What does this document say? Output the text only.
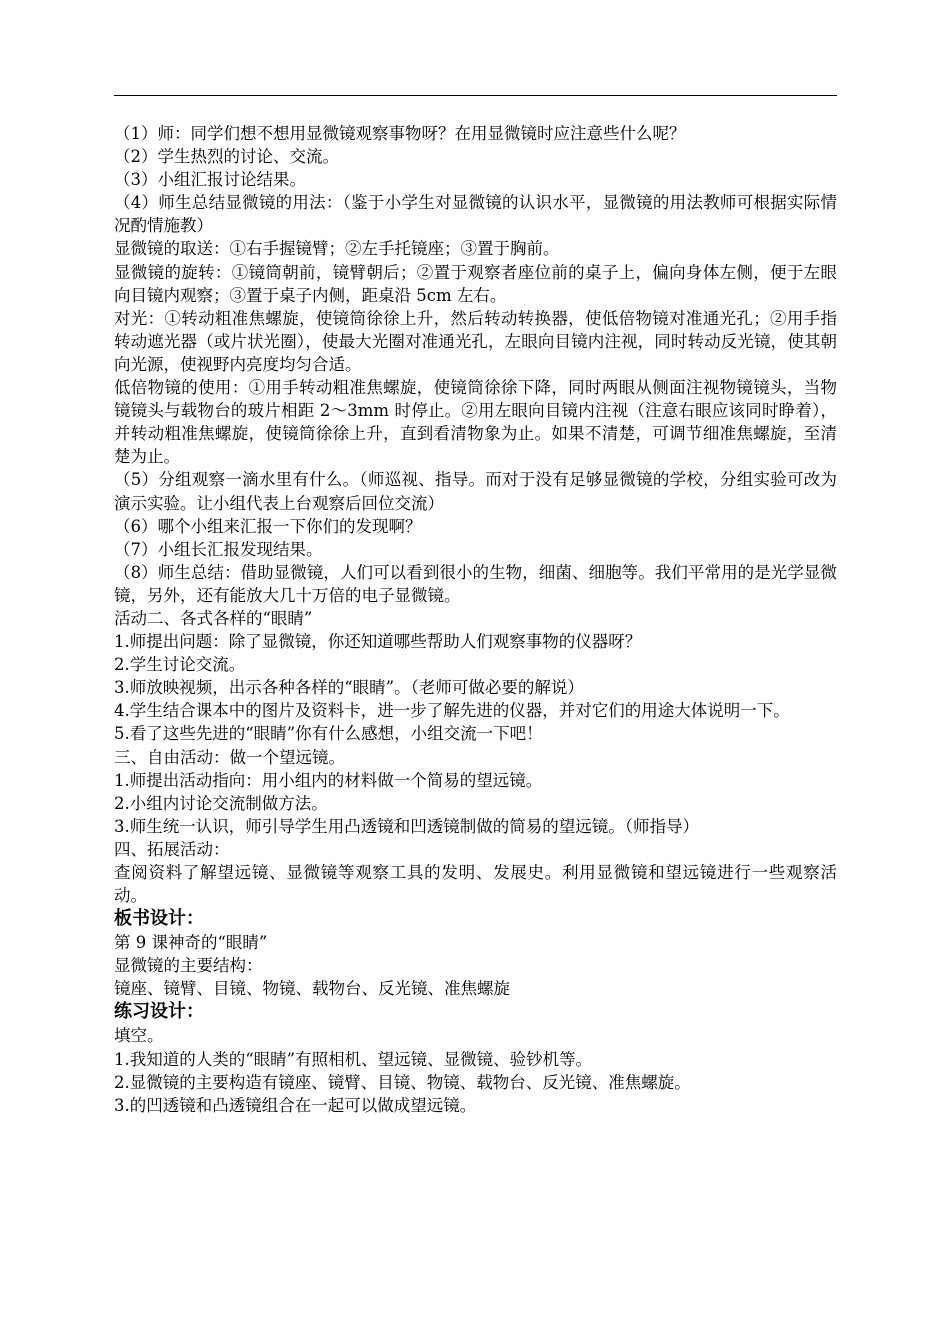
（1）师：同学们想不想用显微镜观察事物呀？在用显微镜时应注意些什么呢？

（2）学生热烈的讨论、交流。

（3）小组汇报讨论结果。

（4）师生总结显微镜的用法：（鉴于小学生对显微镜的认识水平，显微镜的用法教师可根据实际情况酌情施教）

显微镜的取送：①右手握镜臂；②左手托镜座；③置于胸前。

显微镜的旋转：①镜筒朝前，镜臂朝后；②置于观察者座位前的桌子上，偏向身体左侧，便于左眼向目镜内观察；③置于桌子内侧，距桌沿 5cm 左右。

对光：①转动粗准焦螺旋，使镜筒徐徐上升，然后转动转换器，使低倍物镜对准通光孔；②用手指转动遮光器（或片状光圈），使最大光圈对准通光孔，左眼向目镜内注视，同时转动反光镜，使其朝向光源，使视野内亮度均匀合适。

低倍物镜的使用：①用手转动粗准焦螺旋，使镜筒徐徐下降，同时两眼从侧面注视物镜镜头，当物镜镜头与载物台的玻片相距 2～3mm 时停止。②用左眼向目镜内注视（注意右眼应该同时睁着），并转动粗准焦螺旋，使镜筒徐徐上升，直到看清物象为止。如果不清楚，可调节细准焦螺旋，至清楚为止。

（5）分组观察一滴水里有什么。（师巡视、指导。而对于没有足够显微镜的学校，分组实验可改为演示实验。让小组代表上台观察后回位交流）

（6）哪个小组来汇报一下你们的发现啊？

（7）小组长汇报发现结果。

（8）师生总结：借助显微镜，人们可以看到很小的生物，细菌、细胞等。我们平常用的是光学显微镜，另外，还有能放大几十万倍的电子显微镜。

活动二、各式各样的“眼睛”

1.师提出问题：除了显微镜，你还知道哪些帮助人们观察事物的仪器呀？

2.学生讨论交流。

3.师放映视频，出示各种各样的“眼睛”。（老师可做必要的解说）

4.学生结合课本中的图片及资料卡，进一步了解先进的仪器，并对它们的用途大体说明一下。

5.看了这些先进的“眼睛”你有什么感想，小组交流一下吧！

三、自由活动：做一个望远镜。

1.师提出活动指向：用小组内的材料做一个简易的望远镜。

2.小组内讨论交流制做方法。

3.师生统一认识，师引导学生用凸透镜和凹透镜制做的简易的望远镜。（师指导）

四、拓展活动：

查阅资料了解望远镜、显微镜等观察工具的发明、发展史。利用显微镜和望远镜进行一些观察活动。

板书设计：

第 9 课神奇的“眼睛”

显微镜的主要结构：

镜座、镜臂、目镜、物镜、载物台、反光镜、准焦螺旋

练习设计：

填空。

1.我知道的人类的“眼睛”有照相机、望远镜、显微镜、验钞机等。

2.显微镜的主要构造有镜座、镜臂、目镜、物镜、载物台、反光镜、准焦螺旋。

3.的凹透镜和凸透镜组合在一起可以做成望远镜。
